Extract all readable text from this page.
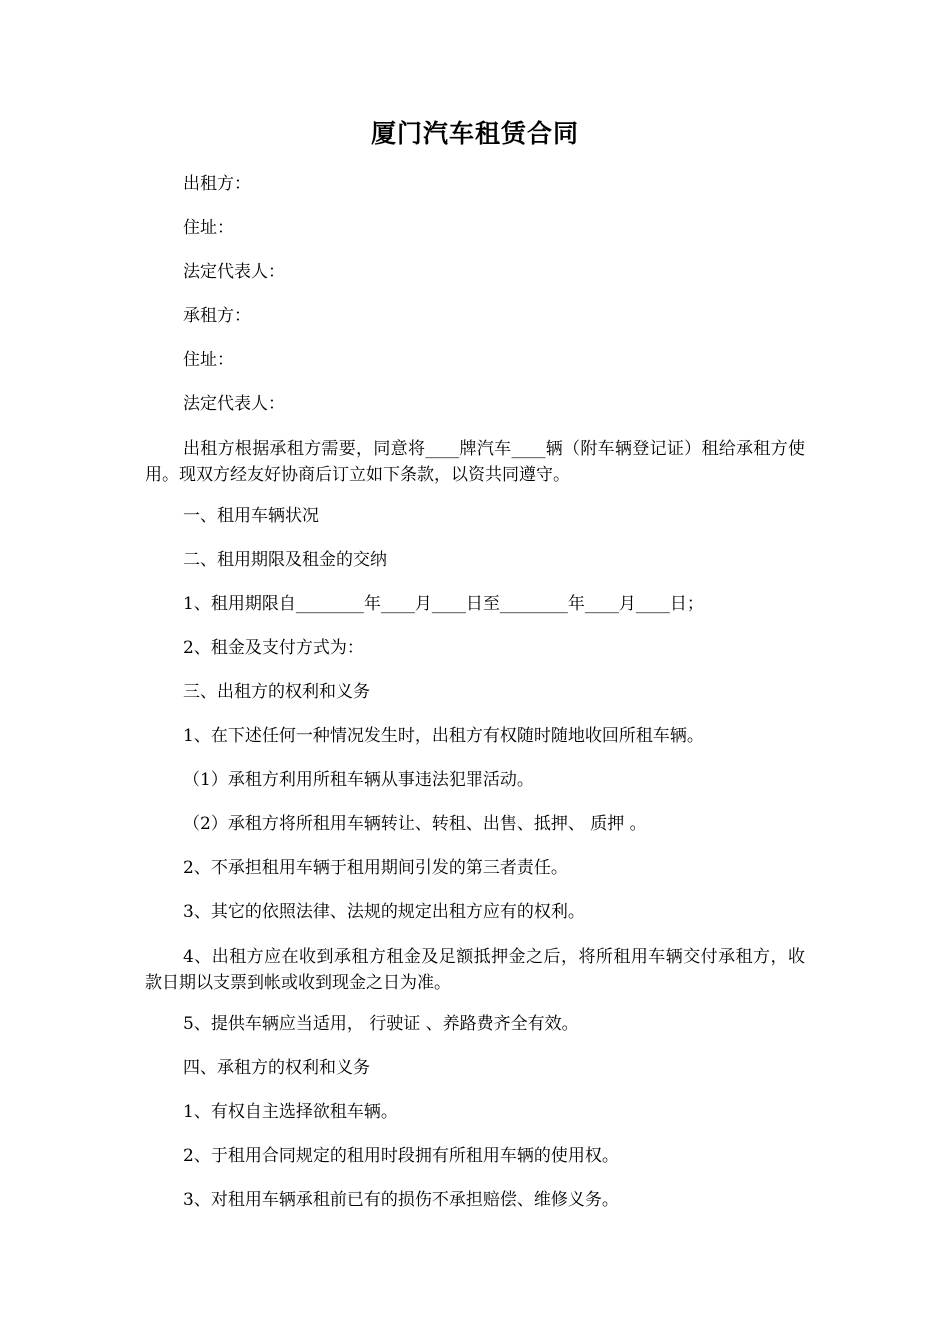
厦门汽车租赁合同
出租方：
住址：
法定代表人：
承租方：
住址：
法定代表人：

出租方根据承租方需要，同意将____牌汽车____辆（附车辆登记证）租给承租方使用。现双方经友好协商后订立如下条款，以资共同遵守。

一、租用车辆状况
二、租用期限及租金的交纳
1、租用期限自________年____月____日至________年____月____日；
2、租金及支付方式为：
三、出租方的权利和义务
1、在下述任何一种情况发生时，出租方有权随时随地收回所租车辆。
（1）承租方利用所租车辆从事违法犯罪活动。
（2）承租方将所租用车辆转让、转租、出售、抵押、 质押 。
2、不承担租用车辆于租用期间引发的第三者责任。
3、其它的依照法律、法规的规定出租方应有的权利。

4、出租方应在收到承租方租金及足额抵押金之后，将所租用车辆交付承租方，收款日期以支票到帐或收到现金之日为准。

5、提供车辆应当适用， 行驶证 、养路费齐全有效。
四、承租方的权利和义务
1、有权自主选择欲租车辆。
2、于租用合同规定的租用时段拥有所租用车辆的使用权。
3、对租用车辆承租前已有的损伤不承担赔偿、维修义务。
